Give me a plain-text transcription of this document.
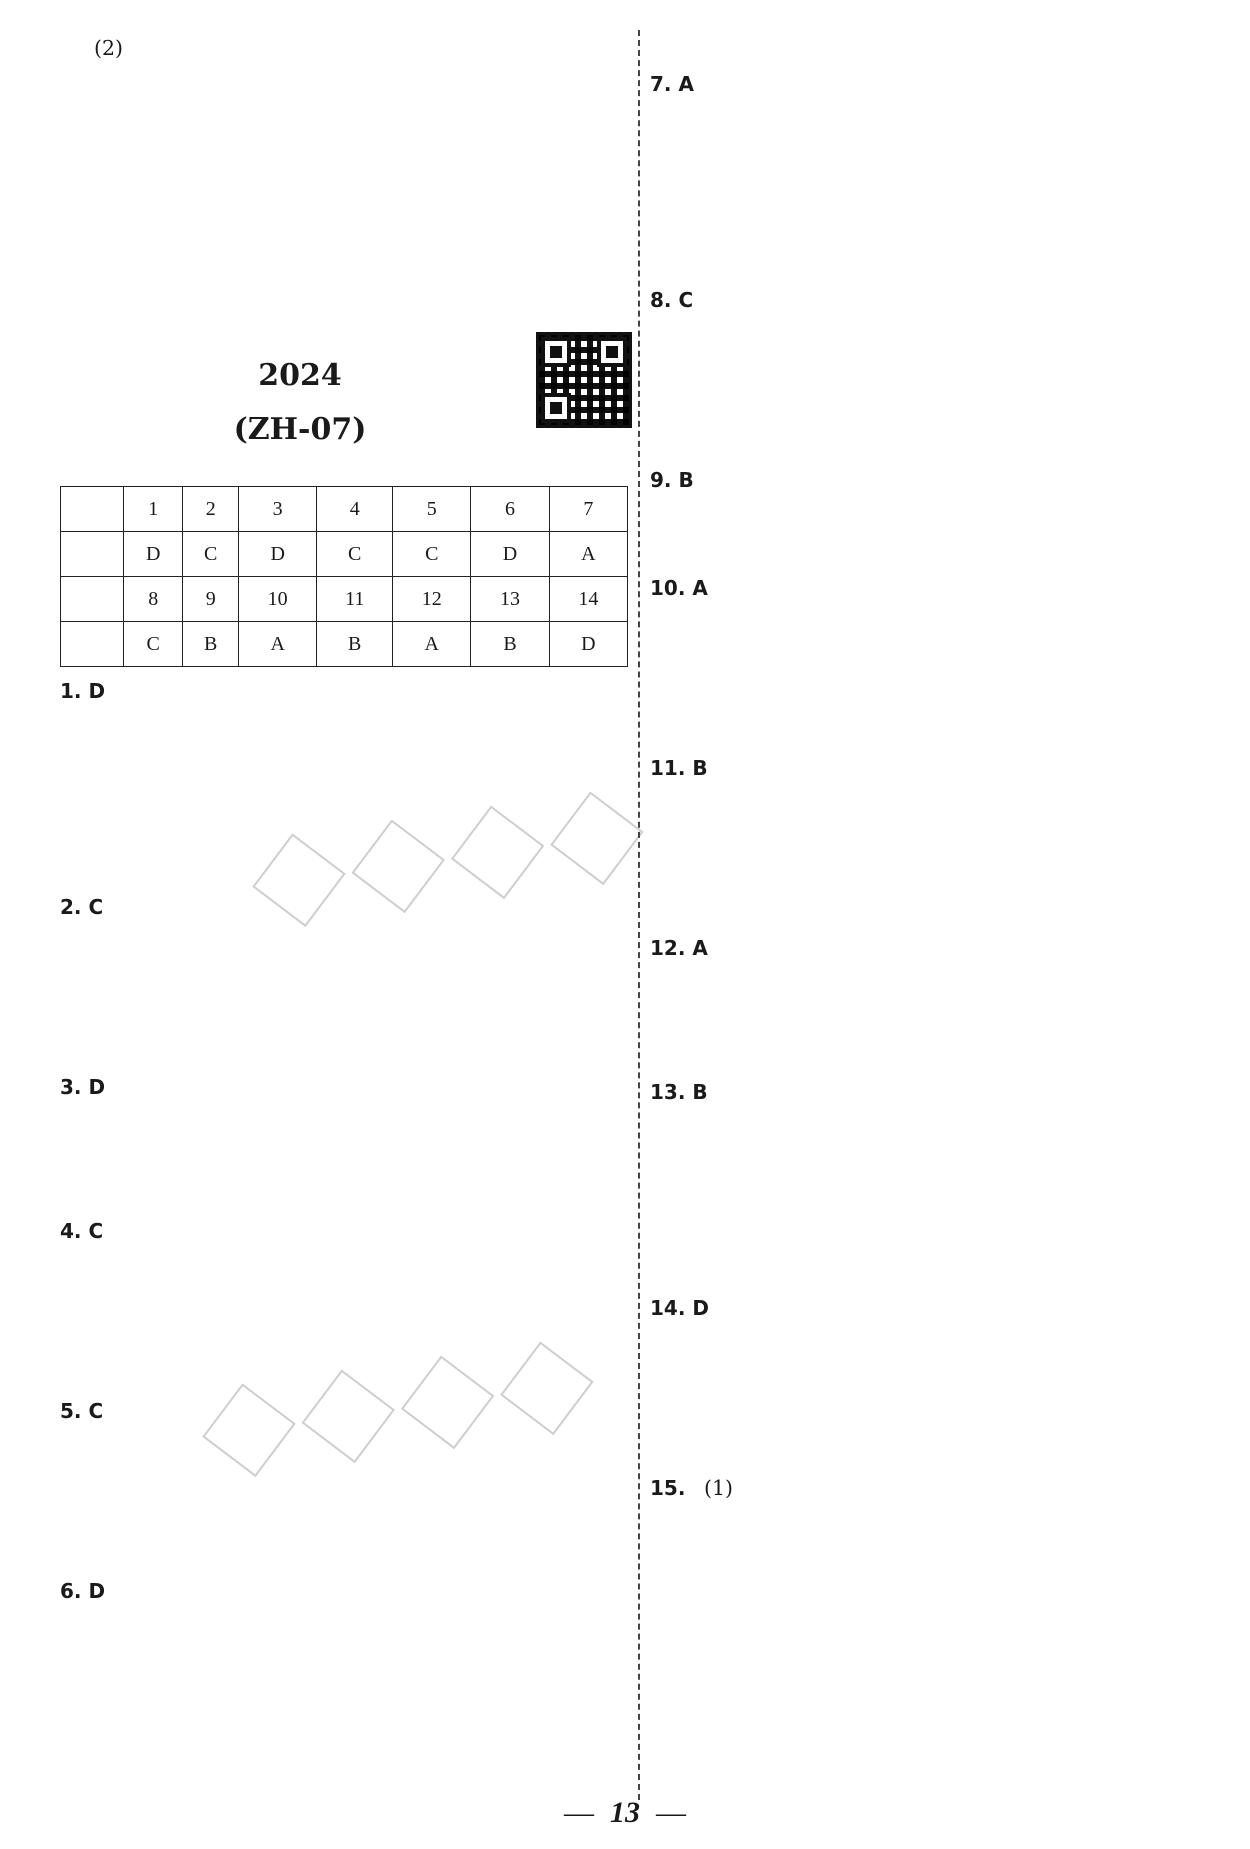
(2)

2024
(ZH-07)
	1	2	3	4	5	6	7
	D	C	D	C	C	D	A
	8	9	10	11	12	13	14
	C	B	A	B	A	B	D
1. D
2. C
3. D
4. C
5. C
6. D

7. A
8. C
9. B
10. A
11. B
12. A
13. B
14. D
15. (1)
◆◆◆◆
◆◆◆◆
— 13 —
